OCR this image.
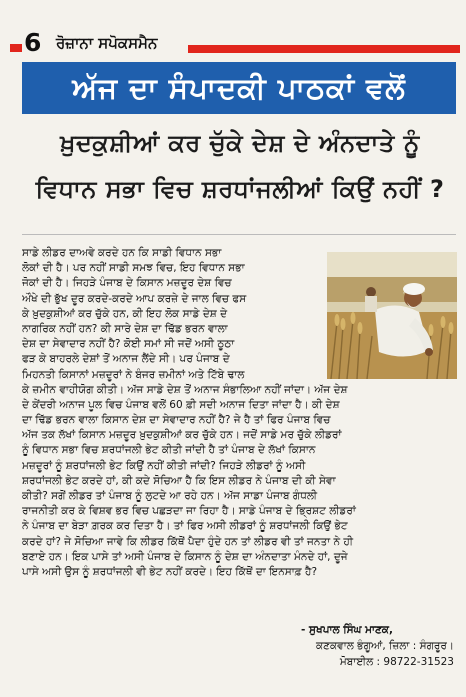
6 ਰੋਜ਼ਾਨਾ ਸਪੋਕਸਮੈਨ
ਅੱਜ ਦਾ ਸੰਪਾਦਕੀ ਪਾਠਕਾਂ ਵਲੋਂ
ਖ਼ੁਦਕੁਸ਼ੀਆਂ ਕਰ ਚੁੱਕੇ ਦੇਸ਼ ਦੇ ਅੰਨਦਾਤੇ ਨੂੰ
ਵਿਧਾਨ ਸਭਾ ਵਿਚ ਸ਼ਰਧਾਂਜਲੀਆਂ ਕਿਉਂ ਨਹੀਂ ?
ਸਾਡੇ ਲੀਡਰ ਦਾਅਵੇ ਕਰਦੇ ਹਨ ਕਿ ਸਾਡੀ ਵਿਧਾਨ ਸਭਾ
ਲੋਕਾਂ ਦੀ ਹੈ। ਪਰ ਨਹੀਂ ਸਾਡੀ ਸਮਝ ਵਿਚ, ਇਹ ਵਿਧਾਨ ਸਭਾ
ਜੋਕਾਂ ਦੀ ਹੈ। ਜਿਹੜੇ ਪੰਜਾਬ ਦੇ ਕਿਸਾਨ ਮਜ਼ਦੂਰ ਦੇਸ਼ ਵਿਚ
ਔਖੇ ਦੀ ਭੁੱਖ ਦੂਰ ਕਰਦੇ-ਕਰਦੇ ਆਪ ਕਰਜ਼ੇ ਦੇ ਜਾਲ ਵਿਚ ਫਸ
ਕੇ ਖ਼ੁਦਕੁਸ਼ੀਆਂ ਕਰ ਚੁੱਕੇ ਹਨ, ਕੀ ਇਹ ਲੋਕ ਸਾਡੇ ਦੇਸ਼ ਦੇ
ਨਾਗਰਿਕ ਨਹੀਂ ਹਨ? ਕੀ ਸਾਰੇ ਦੇਸ਼ ਦਾ ਢਿੱਡ ਭਰਨ ਵਾਲਾ
ਦੇਸ਼ ਦਾ ਸੇਵਾਦਾਰ ਨਹੀਂ ਹੈ? ਕੋਈ ਸਮਾਂ ਸੀ ਜਦੋਂ ਅਸੀ ਠੂਠਾ
ਫੜ ਕੇ ਬਾਹਰਲੇ ਦੇਸ਼ਾਂ ਤੋਂ ਅਨਾਜ ਲੈਂਦੇ ਸੀ। ਪਰ ਪੰਜਾਬ ਦੇ
ਮਿਹਨਤੀ ਕਿਸਾਨਾਂ ਮਜ਼ਦੂਰਾਂ ਨੇ ਬੰਜਰ ਜ਼ਮੀਨਾਂ ਅਤੇ ਟਿੱਬੇ ਢਾਲ
ਕੇ ਜ਼ਮੀਨ ਵਾਹੀਯੋਗ ਕੀਤੀ। ਅੱਜ ਸਾਡੇ ਦੇਸ਼ ਤੋਂ ਅਨਾਜ ਸੰਭਾਲਿਆ ਨਹੀਂ ਜਾਂਦਾ। ਅੱਜ ਦੇਸ਼
ਦੇ ਕੇਂਦਰੀ ਅਨਾਜ ਪੂਲ ਵਿਚ ਪੰਜਾਬ ਵਲੋਂ 60 ਫ਼ੀ ਸਦੀ ਅਨਾਜ ਦਿਤਾ ਜਾਂਦਾ ਹੈ। ਕੀ ਦੇਸ਼
ਦਾ ਢਿੱਡ ਭਰਨ ਵਾਲਾ ਕਿਸਾਨ ਦੇਸ਼ ਦਾ ਸੇਵਾਦਾਰ ਨਹੀਂ ਹੈ? ਜੇ ਹੈ ਤਾਂ ਫਿਰ ਪੰਜਾਬ ਵਿਚ
ਅੱਜ ਤਕ ਲੱਖਾਂ ਕਿਸਾਨ ਮਜ਼ਦੂਰ ਖ਼ੁਦਕੁਸ਼ੀਆਂ ਕਰ ਚੁੱਕੇ ਹਨ। ਜਦੋਂ ਸਾਡੇ ਮਰ ਚੁੱਕੇ ਲੀਡਰਾਂ
ਨੂੰ ਵਿਧਾਨ ਸਭਾ ਵਿਚ ਸ਼ਰਧਾਂਜਲੀ ਭੇਟ ਕੀਤੀ ਜਾਂਦੀ ਹੈ ਤਾਂ ਪੰਜਾਬ ਦੇ ਲੱਖਾਂ ਕਿਸਾਨ
ਮਜ਼ਦੂਰਾਂ ਨੂੰ ਸ਼ਰਧਾਂਜਲੀ ਭੇਟ ਕਿਉਂ ਨਹੀਂ ਕੀਤੀ ਜਾਂਦੀ? ਜਿਹੜੇ ਲੀਡਰਾਂ ਨੂੰ ਅਸੀ
ਸ਼ਰਧਾਂਜਲੀ ਭੇਟ ਕਰਦੇ ਹਾਂ, ਕੀ ਕਦੇ ਸੋਚਿਆ ਹੈ ਕਿ ਇਸ ਲੀਡਰ ਨੇ ਪੰਜਾਬ ਦੀ ਕੀ ਸੇਵਾ
ਕੀਤੀ? ਸਗੋਂ ਲੀਡਰ ਤਾਂ ਪੰਜਾਬ ਨੂੰ ਲੁਟਦੇ ਆ ਰਹੇ ਹਨ। ਅੱਜ ਸਾਡਾ ਪੰਜਾਬ ਗੰਧਲੀ
ਰਾਜਨੀਤੀ ਕਰ ਕੇ ਵਿਸ਼ਵ ਭਰ ਵਿਚ ਪਛੜਦਾ ਜਾ ਰਿਹਾ ਹੈ। ਸਾਡੇ ਪੰਜਾਬ ਦੇ ਭ੍ਰਿਸ਼ਟ ਲੀਡਰਾਂ
ਨੇ ਪੰਜਾਬ ਦਾ ਬੇੜਾ ਗ਼ਰਕ ਕਰ ਦਿਤਾ ਹੈ। ਤਾਂ ਫਿਰ ਅਸੀ ਲੀਡਰਾਂ ਨੂੰ ਸ਼ਰਧਾਂਜਲੀ ਕਿਉਂ ਭੇਟ
ਕਰਦੇ ਹਾਂ? ਜੇ ਸੋਚਿਆ ਜਾਵੇ ਕਿ ਲੀਡਰ ਕਿੱਥੋਂ ਪੈਦਾ ਹੁੰਦੇ ਹਨ ਤਾਂ ਲੀਡਰ ਵੀ ਤਾਂ ਜਨਤਾ ਨੇ ਹੀ
ਬਣਾਏ ਹਨ। ਇਕ ਪਾਸੇ ਤਾਂ ਅਸੀ ਪੰਜਾਬ ਦੇ ਕਿਸਾਨ ਨੂੰ ਦੇਸ਼ ਦਾ ਅੰਨਦਾਤਾ ਮੰਨਦੇ ਹਾਂ, ਦੂਜੇ
ਪਾਸੇ ਅਸੀ ਉਸ ਨੂੰ ਸ਼ਰਧਾਂਜਲੀ ਵੀ ਭੇਟ ਨਹੀਂ ਕਰਦੇ। ਇਹ ਕਿੱਥੋਂ ਦਾ ਇਨਸਾਫ਼ ਹੈ?
- ਸੁਖਪਾਲ ਸਿੰਘ ਮਾਣਕ,
ਕਣਕਵਾਲ ਭੰਗੂਆਂ, ਜ਼ਿਲਾ : ਸੰਗਰੂਰ।
ਮੋਬਾਈਲ : 98722-31523
